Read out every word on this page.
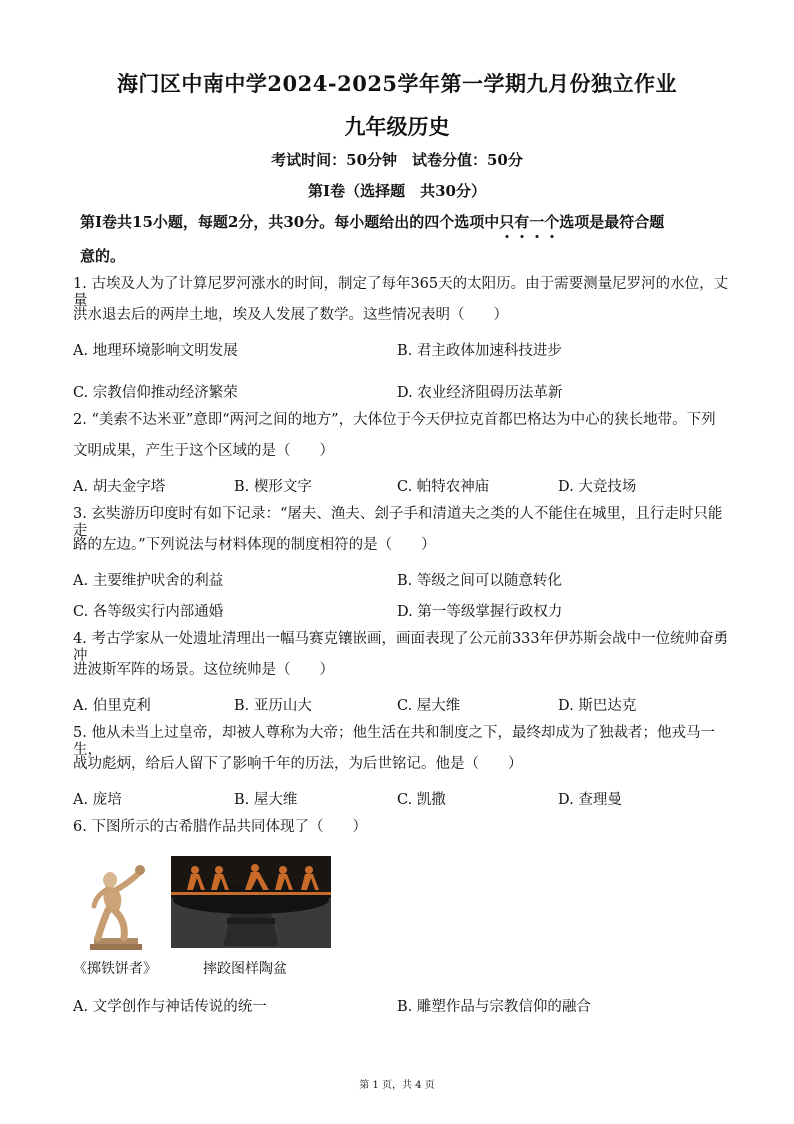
海门区中南中学2024-2025学年第一学期九月份独立作业
九年级历史
考试时间：50分钟　试卷分值：50分
第Ⅰ卷（选择题　共30分）
第Ⅰ卷共15小题，每题2分，共30分。每小题给出的四个选项中只有一个选项是最符合题
意的。
1. 古埃及人为了计算尼罗河涨水的时间，制定了每年365天的太阳历。由于需要测量尼罗河的水位，丈量
洪水退去后的两岸土地，埃及人发展了数学。这些情况表明（　　）
A. 地理环境影响文明发展	B. 君主政体加速科技进步
C. 宗教信仰推动经济繁荣	D. 农业经济阻碍历法革新
2. “美索不达米亚”意即“两河之间的地方”，大体位于今天伊拉克首都巴格达为中心的狭长地带。下列
文明成果，产生于这个区域的是（　　）
A. 胡夫金字塔	B. 楔形文字	C. 帕特农神庙	D. 大竞技场
3. 玄奘游历印度时有如下记录：“屠夫、渔夫、刽子手和清道夫之类的人不能住在城里，且行走时只能走
路的左边。”下列说法与材料体现的制度相符的是（　　）
A. 主要维护吠舍的利益	B. 等级之间可以随意转化
C. 各等级实行内部通婚	D. 第一等级掌握行政权力
4. 考古学家从一处遗址清理出一幅马赛克镶嵌画，画面表现了公元前333年伊苏斯会战中一位统帅奋勇冲
进波斯军阵的场景。这位统帅是（　　）
A. 伯里克利	B. 亚历山大	C. 屋大维	D. 斯巴达克
5. 他从未当上过皇帝，却被人尊称为大帝；他生活在共和制度之下，最终却成为了独裁者；他戎马一生，
战功彪炳，给后人留下了影响千年的历法，为后世铭记。他是（　　）
A. 庞培	B. 屋大维	C. 凯撒	D. 查理曼
6. 下图所示的古希腊作品共同体现了（　　）
《掷铁饼者》	摔跤图样陶盆
A. 文学创作与神话传说的统一	B. 雕塑作品与宗教信仰的融合
第 1 页，共 4 页
